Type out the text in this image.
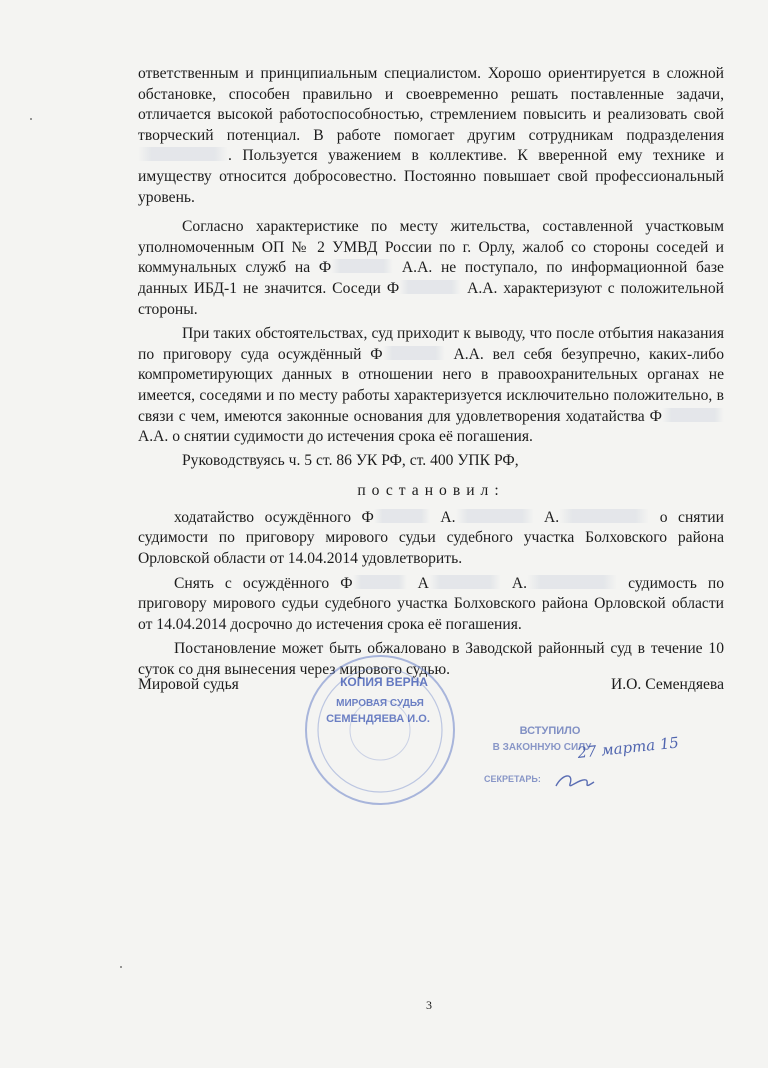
ответственным и принципиальным специалистом. Хорошо ориентируется в сложной обстановке, способен правильно и своевременно решать поставленные задачи, отличается высокой работоспособностью, стремлением повысить и реализовать свой творческий потенциал. В работе помогает другим сотрудникам подразделения . Пользуется уважением в коллективе. К вверенной ему технике и имуществу относится добросовестно. Постоянно повышает свой профессиональный уровень.

Согласно характеристике по месту жительства, составленной участковым уполномоченным ОП № 2 УМВД России по г. Орлу, жалоб со стороны соседей и коммунальных служб на Ф	А.А. не поступало, по информационной базе данных ИБД-1 не значится. Соседи Ф	А.А. характеризуют с положительной стороны.

При таких обстоятельствах, суд приходит к выводу, что после отбытия наказания по приговору суда осуждённый Ф	А.А. вел себя безупречно, каких-либо компрометирующих данных в отношении него в правоохранительных органах не имеется, соседями и по месту работы характеризуется исключительно положительно, в связи с чем, имеются законные основания для удовлетворения ходатайства Ф А.А. о снятии судимости до истечения срока её погашения.

Руководствуясь ч. 5 ст. 86 УК РФ, ст. 400 УПК РФ,

постановил:

ходатайство осуждённого Ф	А.	А.	о снятии судимости по приговору мирового судьи судебного участка Болховского района Орловской области от 14.04.2014 удовлетворить.

Снять с осуждённого Ф	А	А.	судимость по приговору мирового судьи судебного участка Болховского района Орловской области от 14.04.2014 досрочно до истечения срока её погашения.

Постановление может быть обжаловано в Заводской районный суд в течение 10 суток со дня вынесения через мирового судью.

КОПИЯ ВЕРНА
МИРОВАЯ СУДЬЯ
СЕМЕНДЯЕВА И.О.
ВСТУПИЛО
В ЗАКОННУЮ СИЛУ
27 марта 15
СЕКРЕТАРЬ:
Мировой судья	И.О. Семендяева
3
